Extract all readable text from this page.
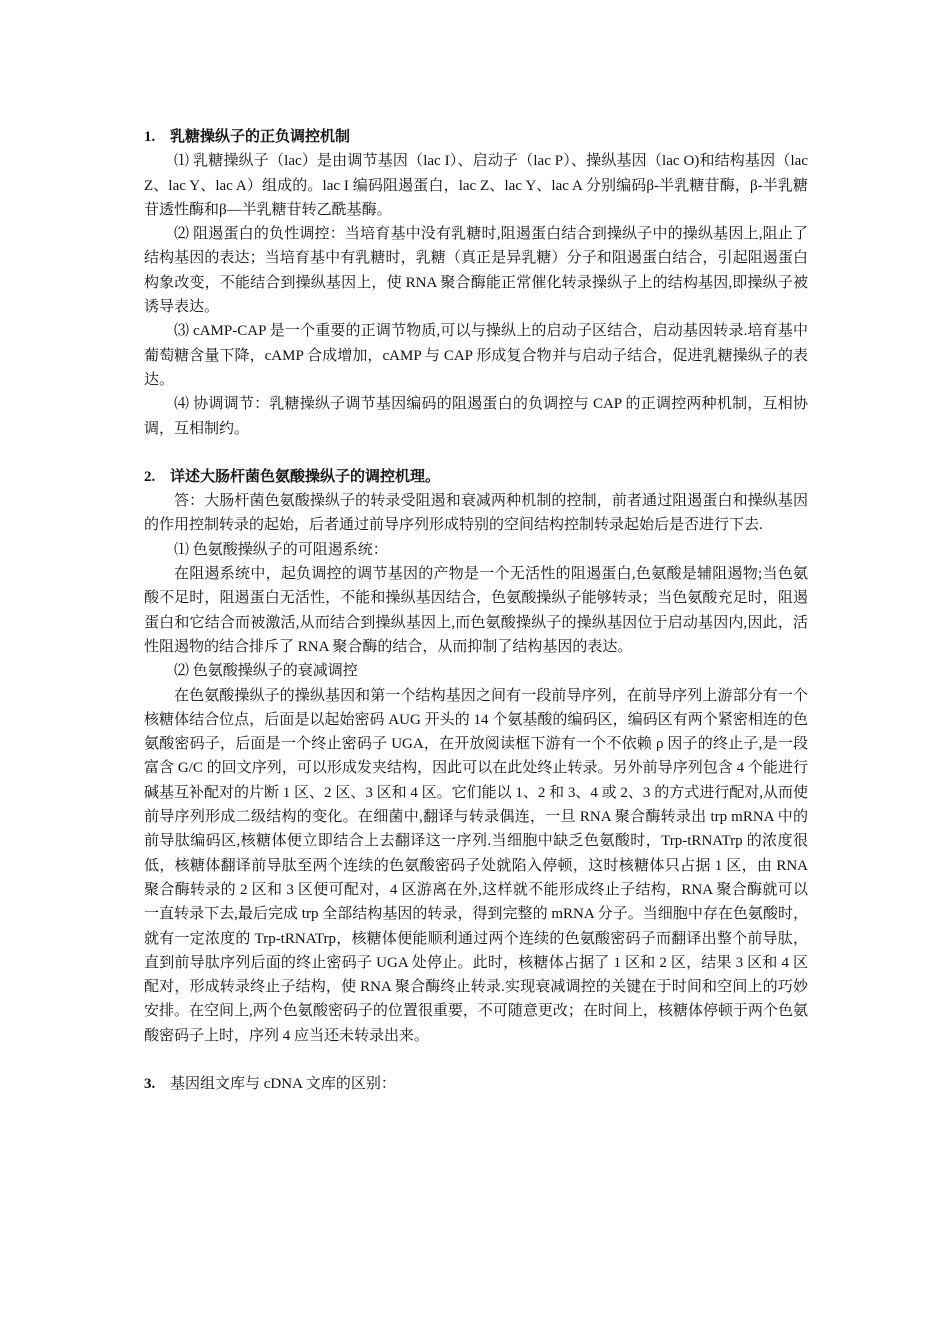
1. 乳糖操纵子的正负调控机制

⑴ 乳糖操纵子（lac）是由调节基因（lac I）、启动子（lac P）、操纵基因（lac O)和结构基因（lac Z、lac Y、lac A）组成的。lac I 编码阻遏蛋白，lac Z、lac Y、lac A 分别编码β-半乳糖苷酶，β-半乳糖苷透性酶和β—半乳糖苷转乙酰基酶。

⑵ 阻遏蛋白的负性调控：当培育基中没有乳糖时,阻遏蛋白结合到操纵子中的操纵基因上,阻止了结构基因的表达；当培育基中有乳糖时，乳糖（真正是异乳糖）分子和阻遏蛋白结合，引起阻遏蛋白构象改变，不能结合到操纵基因上，使 RNA 聚合酶能正常催化转录操纵子上的结构基因,即操纵子被诱导表达。

⑶ cAMP-CAP 是一个重要的正调节物质,可以与操纵上的启动子区结合，启动基因转录.培育基中葡萄糖含量下降，cAMP 合成增加，cAMP 与 CAP 形成复合物并与启动子结合，促进乳糖操纵子的表达。

⑷ 协调调节：乳糖操纵子调节基因编码的阻遏蛋白的负调控与 CAP 的正调控两种机制，互相协调，互相制约。

2. 详述大肠杆菌色氨酸操纵子的调控机理。

答：大肠杆菌色氨酸操纵子的转录受阻遏和衰减两种机制的控制，前者通过阻遏蛋白和操纵基因的作用控制转录的起始，后者通过前导序列形成特别的空间结构控制转录起始后是否进行下去.

⑴ 色氨酸操纵子的可阻遏系统：

在阻遏系统中，起负调控的调节基因的产物是一个无活性的阻遏蛋白,色氨酸是辅阻遏物;当色氨酸不足时，阻遏蛋白无活性，不能和操纵基因结合，色氨酸操纵子能够转录；当色氨酸充足时，阻遏蛋白和它结合而被激活,从而结合到操纵基因上,而色氨酸操纵子的操纵基因位于启动基因内,因此，活性阻遏物的结合排斥了 RNA 聚合酶的结合，从而抑制了结构基因的表达。

⑵ 色氨酸操纵子的衰减调控

在色氨酸操纵子的操纵基因和第一个结构基因之间有一段前导序列，在前导序列上游部分有一个核糖体结合位点，后面是以起始密码 AUG 开头的 14 个氨基酸的编码区，编码区有两个紧密相连的色氨酸密码子，后面是一个终止密码子 UGA，在开放阅读框下游有一个不依赖 ρ 因子的终止子,是一段富含 G/C 的回文序列，可以形成发夹结构，因此可以在此处终止转录。另外前导序列包含 4 个能进行碱基互补配对的片断 1 区、2 区、3 区和 4 区。它们能以 1、2 和 3、4 或 2、3 的方式进行配对,从而使前导序列形成二级结构的变化。在细菌中,翻译与转录偶连，一旦 RNA 聚合酶转录出 trp mRNA 中的前导肽编码区,核糖体便立即结合上去翻译这一序列.当细胞中缺乏色氨酸时，Trp-tRNATrp 的浓度很低，核糖体翻译前导肽至两个连续的色氨酸密码子处就陷入停顿，这时核糖体只占据 1 区，由 RNA 聚合酶转录的 2 区和 3 区便可配对，4 区游离在外,这样就不能形成终止子结构，RNA 聚合酶就可以一直转录下去,最后完成 trp 全部结构基因的转录，得到完整的 mRNA 分子。当细胞中存在色氨酸时，就有一定浓度的 Trp-tRNATrp，核糖体便能顺利通过两个连续的色氨酸密码子而翻译出整个前导肽，直到前导肽序列后面的终止密码子 UGA 处停止。此时，核糖体占据了 1 区和 2 区，结果 3 区和 4 区配对，形成转录终止子结构，使 RNA 聚合酶终止转录.实现衰减调控的关键在于时间和空间上的巧妙安排。在空间上,两个色氨酸密码子的位置很重要，不可随意更改；在时间上，核糖体停顿于两个色氨酸密码子上时，序列 4 应当还未转录出来。

3. 基因组文库与 cDNA 文库的区别：
